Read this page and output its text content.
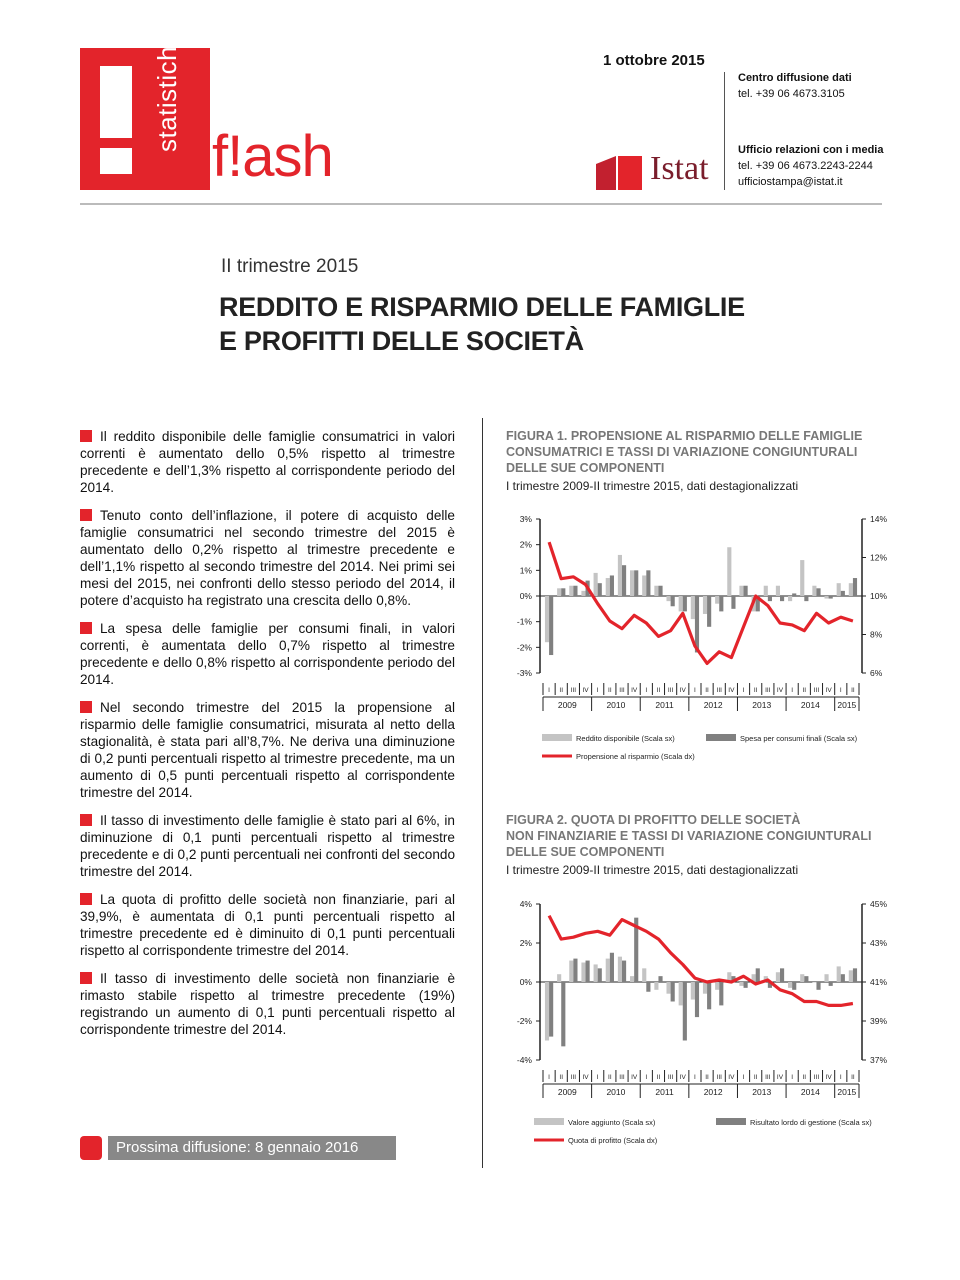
statistiche
f!ash
1 ottobre 2015
Centro diffusione dati
tel. +39 06 4673.3105
Ufficio relazioni con i media
tel. +39 06 4673.2243-2244
ufficiostampa@istat.it
Istat
II trimestre 2015
REDDITO E RISPARMIO DELLE FAMIGLIE
E PROFITTI DELLE SOCIETÀ

Il reddito disponibile delle famiglie consumatrici in valori correnti è aumentato dello 0,5% rispetto al trimestre precedente e dell’1,3% rispetto al corrispondente periodo del 2014.

Tenuto conto dell’inflazione, il potere di acquisto delle famiglie consumatrici nel secondo trimestre del 2015 è aumentato dello 0,2% rispetto al trimestre precedente e dell’1,1% rispetto al secondo trimestre del 2014. Nei primi sei mesi del 2015, nei confronti dello stesso periodo del 2014, il potere d’acquisto ha registrato una crescita dello 0,8%.

La spesa delle famiglie per consumi finali, in valori correnti, è aumentata dello 0,7% rispetto al trimestre precedente e dello 0,8% rispetto al corrispondente periodo del 2014.

Nel secondo trimestre del 2015 la propensione al risparmio delle famiglie consumatrici, misurata al netto della stagionalità, è stata pari all’8,7%. Ne deriva una diminuzione di 0,2 punti percentuali rispetto al trimestre precedente, ma un aumento di 0,5 punti percentuali rispetto al corrispondente trimestre del 2014.

Il tasso di investimento delle famiglie è stato pari al 6%, in diminuzione di 0,1 punti percentuali rispetto al trimestre precedente e di 0,2 punti percentuali nei confronti del secondo trimestre del 2014.

La quota di profitto delle società non finanziarie, pari al 39,9%, è aumentata di 0,1 punti percentuali rispetto al trimestre precedente ed è diminuito di 0,1 punti percentuali rispetto al corrispondente trimestre del 2014.

Il tasso di investimento delle società non finanziarie è rimasto stabile rispetto al trimestre precedente (19%) registrando un aumento di 0,1 punti percentuali rispetto al corrispondente trimestre del 2014.

Prossima diffusione: 8 gennaio 2016
FIGURA 1. PROPENSIONE AL RISPARMIO DELLE FAMIGLIE
CONSUMATRICI E TASSI DI VARIAZIONE CONGIUNTURALI
DELLE SUE COMPONENTI
I trimestre 2009-II trimestre 2015, dati destagionalizzati
3%
2%
1%
0%
-1%
-2%
-3%
14%
12%
10%
8%
6%
I II III IV I II III IV I II III IV I II III IV I II III IV I II III IV I II
2009	2010	2011	2012	2013	2014 2015
Reddito disponibile (Scala sx)	Spesa per consumi finali (Scala sx)
Propensione al risparmio (Scala dx)
FIGURA 2. QUOTA DI PROFITTO DELLE SOCIETÀ
NON FINANZIARIE E TASSI DI VARIAZIONE CONGIUNTURALI
DELLE SUE COMPONENTI
I trimestre 2009-II trimestre 2015, dati destagionalizzati
4%
2%
0%
-2%
-4%
45%
43%
41%
39%
37%
I II III IV I II III IV I II III IV I II III IV I II III IV I II III IV I II
2009	2010	2011	2012	2013	2014 2015
Valore aggiunto (Scala sx)	Risultato lordo di gestione (Scala sx)
Quota di profitto (Scala dx)
